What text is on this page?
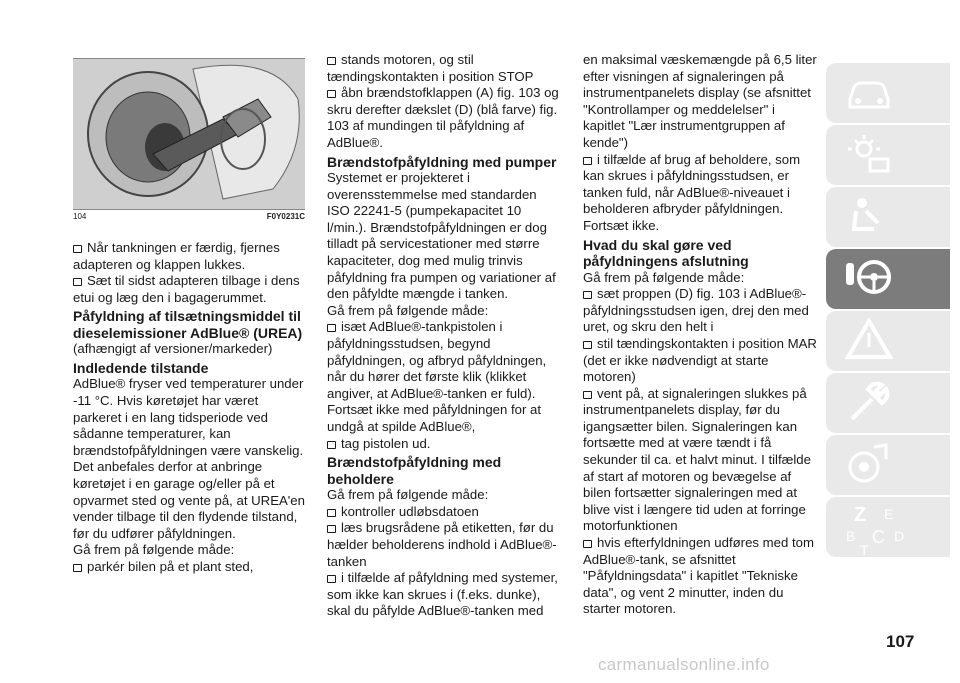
104	F0Y0231C

Når tankningen er færdig, fjernes adapteren og klappen lukkes.

Sæt til sidst adapteren tilbage i dens etui og læg den i bagagerummet.

Påfyldning af tilsætningsmiddel til dieselemissioner AdBlue® (UREA)

(afhængigt af versioner/markeder)

Indledende tilstande

AdBlue® fryser ved temperaturer under -11 °C. Hvis køretøjet har været parkeret i en lang tidsperiode ved sådanne temperaturer, kan brændstofpåfyldningen være vanskelig. Det anbefales derfor at anbringe køretøjet i en garage og/eller på et opvarmet sted og vente på, at UREA'en vender tilbage til den flydende tilstand, før du udfører påfyldningen.

Gå frem på følgende måde:

parkér bilen på et plant sted,

stands motoren, og stil tændingskontakten i position STOP

åbn brændstofklappen (A) fig. 103 og skru derefter dækslet (D) (blå farve) fig. 103 af mundingen til påfyldning af AdBlue®.

Brændstofpåfyldning med pumper

Systemet er projekteret i overensstemmelse med standarden ISO 22241-5 (pumpekapacitet 10 l/min.). Brændstofpåfyldningen er dog tilladt på servicestationer med større kapaciteter, dog med mulig trinvis påfyldning fra pumpen og variationer af den påfyldte mængde i tanken.

Gå frem på følgende måde:

isæt AdBlue®-tankpistolen i påfyldningsstudsen, begynd påfyldningen, og afbryd påfyldningen, når du hører det første klik (klikket angiver, at AdBlue®-tanken er fuld). Fortsæt ikke med påfyldningen for at undgå at spilde AdBlue®,

tag pistolen ud.

Brændstofpåfyldning med beholdere

Gå frem på følgende måde:

kontroller udløbsdatoen

læs brugsrådene på etiketten, før du hælder beholderens indhold i AdBlue®-tanken

i tilfælde af påfyldning med systemer, som ikke kan skrues i (f.eks. dunke), skal du påfylde AdBlue®-tanken med

en maksimal væskemængde på 6,5 liter efter visningen af signaleringen på instrumentpanelets display (se afsnittet "Kontrollamper og meddelelser" i kapitlet "Lær instrumentgruppen af kende")

i tilfælde af brug af beholdere, som kan skrues i påfyldningsstudsen, er tanken fuld, når AdBlue®-niveauet i beholderen afbryder påfyldningen. Fortsæt ikke.

Hvad du skal gøre ved påfyldningens afslutning

Gå frem på følgende måde:

sæt proppen (D) fig. 103 i AdBlue®-påfyldningsstudsen igen, drej den med uret, og skru den helt i

stil tændingskontakten i position MAR (det er ikke nødvendigt at starte motoren)

vent på, at signaleringen slukkes på instrumentpanelets display, før du igangsætter bilen. Signaleringen kan fortsætte med at være tændt i få sekunder til ca. et halvt minut. I tilfælde af start af motoren og bevægelse af bilen fortsætter signaleringen med at blive vist i længere tid uden at forringe motorfunktionen

hvis efterfyldningen udføres med tom AdBlue®-tank, se afsnittet "Påfyldningsdata" i kapitlet "Tekniske data", og vent 2 minutter, inden du starter motoren.

Z E
B C
T
D
107
carmanualsonline.info
